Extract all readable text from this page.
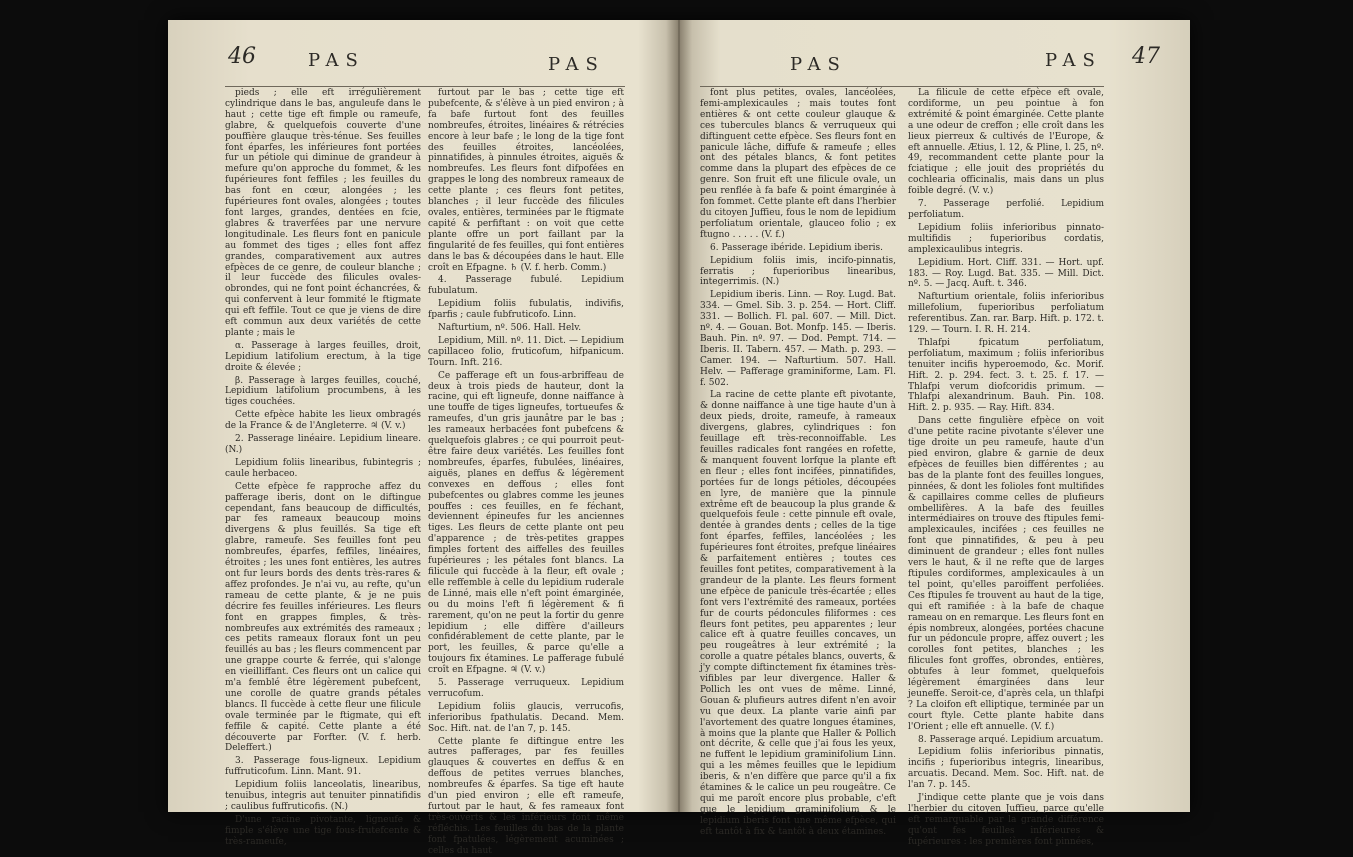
46	PAS	PAS

pieds ; elle eft irrégulièrement cylindrique dans le bas, anguleufe dans le haut ; cette tige eft fimple ou rameufe, glabre, & quelquefois couverte d'une pouffière glauque très-ténue. Ses feuilles font éparfes, les inférieures font portées fur un pétiole qui diminue de grandeur à mefure qu'on approche du fommet, & les fupérieures font feffiles ; les feuilles du bas font en cœur, alongées ; les fupérieures font ovales, alongées ; toutes font larges, grandes, dentées en fcie, glabres & traverfées par une nervure longitudinale. Les fleurs font en panicule au fommet des tiges ; elles font affez grandes, comparativement aux autres efpèces de ce genre, de couleur blanche ; il leur fuccède des filicules ovales-obrondes, qui ne font point échancrées, & qui confervent à leur fommité le ftigmate qui eft feffile. Tout ce que je viens de dire eft commun aux deux variétés de cette plante ; mais le

α. Passerage à larges feuilles, droit, Lepidium latifolium erectum, à la tige droite & élevée ;

β. Passerage à larges feuilles, couché, Lepidium latifolium procumbens, à les tiges couchées.

Cette efpèce habite les lieux ombragés de la France & de l'Angleterre. ♃ (V. v.)

2. Passerage linéaire. Lepidium lineare. (N.)

Lepidium foliis linearibus, fubintegris ; caule herbaceo.

Cette efpèce fe rapproche affez du pafferage iberis, dont on le diftingue cependant, fans beaucoup de difficultés, par fes rameaux beaucoup moins divergens & plus feuillés. Sa tige eft glabre, rameufe. Ses feuilles font peu nombreufes, éparfes, feffiles, linéaires, étroites ; les unes font entières, les autres ont fur leurs bords des dents très-rares & affez profondes. Je n'ai vu, au refte, qu'un rameau de cette plante, & je ne puis décrire fes feuilles inférieures. Les fleurs font en grappes fimples, & très-nombreufes aux extrémités des rameaux ; ces petits rameaux floraux font un peu feuillés au bas ; les fleurs commencent par une grappe courte & ferrée, qui s'alonge en vieilliffant. Ces fleurs ont un calice qui m'a femblé être légèrement pubefcent, une corolle de quatre grands pétales blancs. Il fuccède à cette fleur une filicule ovale terminée par le ftigmate, qui eft feffile & capité. Cette plante a été découverte par Forfter. (V. f. herb. Deleffert.)

3. Passerage fous-ligneux. Lepidium fuffruticofum. Linn. Mant. 91.

Lepidium foliis lanceolatis, linearibus, tenuibus, integris aut tenuiter pinnatifidis ; caulibus fuffruticofis. (N.)

D'une racine pivotante, ligneufe & fimple s'élève une tige fous-frutefcente & très-rameufe,

furtout par le bas ; cette tige eft pubefcente, & s'élève à un pied environ ; à fa bafe furtout font des feuilles nombreufes, étroites, linéaires & rétrécies encore à leur bafe ; le long de la tige font des feuilles étroites, lancéolées, pinnatifides, à pinnules étroites, aiguës & nombreufes. Les fleurs font difpofées en grappes le long des nombreux rameaux de cette plante ; ces fleurs font petites, blanches ; il leur fuccède des filicules ovales, entières, terminées par le ftigmate capité & perfiftant : on voit que cette plante offre un port faillant par la fingularité de fes feuilles, qui font entières dans le bas & découpées dans le haut. Elle croît en Efpagne. ♄ (V. f. herb. Comm.)

4. Passerage fubulé. Lepidium fubulatum.

Lepidium foliis fubulatis, indivifis, fparfis ; caule fubfruticofo. Linn.

Nafturtium, nº. 506. Hall. Helv.

Lepidium, Mill. nº. 11. Dict. — Lepidium capillaceo folio, fruticofum, hifpanicum. Tourn. Inft. 216.

Ce pafferage eft un fous-arbriffeau de deux à trois pieds de hauteur, dont la racine, qui eft ligneufe, donne naiffance à une touffe de tiges ligneufes, tortueufes & rameufes, d'un gris jaunâtre par le bas ; les rameaux herbacées font pubefcens & quelquefois glabres ; ce qui pourroit peut-être faire deux variétés. Les feuilles font nombreufes, éparfes, fubulées, linéaires, aiguës, planes en deffus & légèrement convexes en deffous ; elles font pubefcentes ou glabres comme les jeunes pouffes : ces feuilles, en fe féchant, deviennent épineufes fur les anciennes tiges. Les fleurs de cette plante ont peu d'apparence ; de très-petites grappes fimples fortent des aiffelles des feuilles fupérieures ; les pétales font blancs. La filicule qui fuccède à la fleur, eft ovale ; elle reffemble à celle du lepidium ruderale de Linné, mais elle n'eft point émarginée, ou du moins l'eft fi légèrement & fi rarement, qu'on ne peut la fortir du genre lepidium ; elle diffère d'ailleurs confidérablement de cette plante, par le port, les feuilles, & parce qu'elle a toujours fix étamines. Le pafferage fubulé croît en Efpagne. ♃ (V. v.)

5. Passerage verruqueux. Lepidium verrucofum.

Lepidium foliis glaucis, verrucofis, inferioribus fpathulatis. Decand. Mem. Soc. Hift. nat. de l'an 7, p. 145.

Cette plante fe diftingue entre les autres pafferages, par fes feuilles glauques & couvertes en deffus & en deffous de petites verrues blanches, nombreufes & éparfes. Sa tige eft haute d'un pied environ ; elle eft rameufe, furtout par le haut, & fes rameaux font très-ouverts & les inférieurs font même réfléchis. Les feuilles du bas de la plante font fpatulées, légèrement acuminées ; celles du haut

PAS	PAS 47

font plus petites, ovales, lancéolées, femi-amplexicaules ; mais toutes font entières & ont cette couleur glauque & ces tubercules blancs & verruqueux qui diftinguent cette efpèce. Ses fleurs font en panicule lâche, diffufe & rameufe ; elles ont des pétales blancs, & font petites comme dans la plupart des efpèces de ce genre. Son fruit eft une filicule ovale, un peu renflée à fa bafe & point émarginée à fon fommet. Cette plante eft dans l'herbier du citoyen Juffieu, fous le nom de lepidium perfoliatum orientale, glauceo folio ; ex ftugno . . . . . (V. f.)

6. Passerage ibéride. Lepidium iberis.

Lepidium foliis imis, incifo-pinnatis, ferratis ; fuperioribus linearibus, integerrimis. (N.)

Lepidium iberis. Linn. — Roy. Lugd. Bat. 334. — Gmel. Sib. 3. p. 254. — Hort. Cliff. 331. — Bollich. Fl. pal. 607. — Mill. Dict. nº. 4. — Gouan. Bot. Monfp. 145. — Iberis. Bauh. Pin. nº. 97. — Dod. Pempt. 714. — Iberis. II. Tabern. 457. — Math. p. 293. — Camer. 194. — Nafturtium. 507. Hall. Helv. — Pafferage graminiforme, Lam. Fl. f. 502.

La racine de cette plante eft pivotante, & donne naiffance à une tige haute d'un à deux pieds, droite, rameufe, à rameaux divergens, glabres, cylindriques : fon feuillage eft très-reconnoiffable. Les feuilles radicales font rangées en rofette, & manquent fouvent lorfque la plante eft en fleur ; elles font incifées, pinnatifides, portées fur de longs pétioles, découpées en lyre, de manière que la pinnule extrême eft de beaucoup la plus grande & quelquefois feule : cette pinnule eft ovale, dentée à grandes dents ; celles de la tige font éparfes, feffiles, lancéolées ; les fupérieures font étroites, prefque linéaires & parfaitement entières ; toutes ces feuilles font petites, comparativement à la grandeur de la plante. Les fleurs forment une efpèce de panicule très-écartée ; elles font vers l'extrémité des rameaux, portées fur de courts pédoncules filiformes : ces fleurs font petites, peu apparentes ; leur calice eft à quatre feuilles concaves, un peu rougeâtres à leur extrémité ; la corolle a quatre pétales blancs, ouverts, & j'y compte diftinctement fix étamines très-vifibles par leur divergence. Haller & Pollich les ont vues de même. Linné, Gouan & plufieurs autres difent n'en avoir vu que deux. La plante varie ainfi par l'avortement des quatre longues étamines, à moins que la plante que Haller & Pollich ont décrite, & celle que j'ai fous les yeux, ne fuffent le lepidium graminifolium Linn. qui a les mêmes feuilles que le lepidium iberis, & n'en diffère que parce qu'il a fix étamines & le calice un peu rougeâtre. Ce qui me paroît encore plus probable, c'eft que le lepidium graminifolium & le lepidium iberis font une même efpèce, qui eft tantôt à fix & tantôt à deux étamines.

La filicule de cette efpèce eft ovale, cordiforme, un peu pointue à fon extrémité & point émarginée. Cette plante a une odeur de creffon ; elle croît dans les lieux pierreux & cultivés de l'Europe, & eft annuelle. Ætius, l. 12, & Pline, l. 25, nº. 49, recommandent cette plante pour la fciatique ; elle jouit des propriétés du cochlearia officinalis, mais dans un plus foible degré. (V. v.)

7. Passerage perfolié. Lepidium perfoliatum.

Lepidium foliis inferioribus pinnato-multifidis ; fuperioribus cordatis, amplexicaulibus integris.

Lepidium. Hort. Cliff. 331. — Hort. upf. 183. — Roy. Lugd. Bat. 335. — Mill. Dict. nº. 5. — Jacq. Auft. t. 346.

Nafturtium orientale, foliis inferioribus millefolium, fuperioribus perfoliatum referentibus. Zan. rar. Barp. Hift. p. 172. t. 129. — Tourn. I. R. H. 214.

Thlafpi fpicatum perfoliatum, perfoliatum, maximum ; foliis inferioribus tenuiter incifis hyperoemodo, &c. Morif. Hift. 2. p. 294. fect. 3. t. 25. f. 17. — Thlafpi verum diofcoridis primum. — Thlafpi alexandrinum. Bauh. Pin. 108. Hift. 2. p. 935. — Ray. Hift. 834.

Dans cette fingulière efpèce on voit d'une petite racine pivotante s'élever une tige droite un peu rameufe, haute d'un pied environ, glabre & garnie de deux efpèces de feuilles bien différentes ; au bas de la plante font des feuilles longues, pinnées, & dont les folioles font multifides & capillaires comme celles de plufieurs ombellifères. A la bafe des feuilles intermédiaires on trouve des ftipules femi-amplexicaules, incifées ; ces feuilles ne font que pinnatifides, & peu à peu diminuent de grandeur ; elles font nulles vers le haut, & il ne refte que de larges ftipules cordiformes, amplexicaules à un tel point, qu'elles paroiffent perfoliées. Ces ftipules fe trouvent au haut de la tige, qui eft ramifiée : à la bafe de chaque rameau on en remarque. Les fleurs font en épis nombreux, alongées, portées chacune fur un pédoncule propre, affez ouvert ; les corolles font petites, blanches ; les filicules font groffes, obrondes, entières, obtufes à leur fommet, quelquefois légèrement émarginées dans leur jeuneffe. Seroit-ce, d'après cela, un thlafpi ? La cloifon eft elliptique, terminée par un court ftyle. Cette plante habite dans l'Orient ; elle eft annuelle. (V. f.)

8. Passerage arqué. Lepidium arcuatum.

Lepidium foliis inferioribus pinnatis, incifis ; fuperioribus integris, linearibus, arcuatis. Decand. Mem. Soc. Hift. nat. de l'an 7. p. 145.

J'indique cette plante que je vois dans l'herbier du citoyen Juffieu, parce qu'elle eft remarquable par la grande différence qu'ont fes feuilles inférieures & fupérieures : les premières font pinnées,
